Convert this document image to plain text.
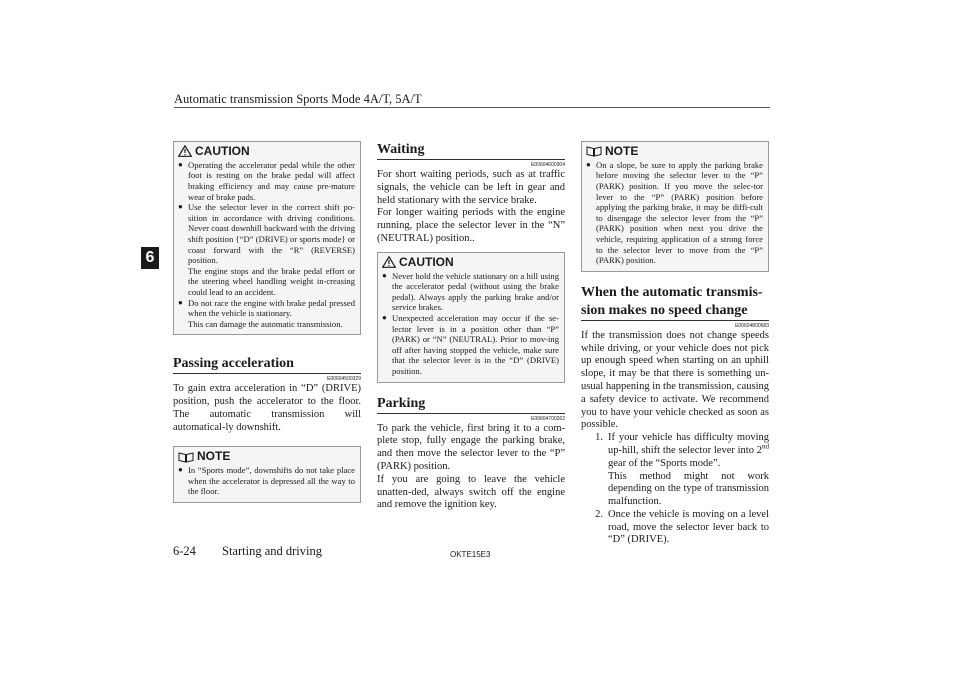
Automatic transmission Sports Mode 4A/T, 5A/T
6
CAUTION
● Operating the accelerator pedal while the other foot is resting on the brake pedal will affect braking efficiency and may cause pre-mature wear of brake pads.
● Use the selector lever in the correct shift po-sition in accordance with driving conditions. Never coast downhill backward with the driving shift position {“D” (DRIVE) or sports mode} or coast forward with the “R” (REVERSE) position.
The engine stops and the brake pedal effort or the steering wheel handling weight in-creasing could lead to an accident.
● Do not race the engine with brake pedal pressed when the vehicle is stationary.
This can damage the automatic transmission.
Passing acceleration
E00604500329

To gain extra acceleration in “D” (DRIVE) position, push the accelerator to the floor. The automatic transmission will automatical-ly downshift.

NOTE
● In “Sports mode”, downshifts do not take place when the accelerator is depressed all the way to the floor.
Waiting
E00604600304

For short waiting periods, such as at traffic signals, the vehicle can be left in gear and held stationary with the service brake.

For longer waiting periods with the engine running, place the selector lever in the “N” (NEUTRAL) position..

CAUTION
● Never hold the vehicle stationary on a hill using the accelerator pedal (without using the brake pedal). Always apply the parking brake and/or service brakes.
● Unexpected acceleration may occur if the se-lector lever is in a position other than “P” (PARK) or “N” (NEUTRAL). Prior to mov-ing off after having stopped the vehicle, make sure that the selector lever is in the “D” (DRIVE) position.
Parking
E00604700262

To park the vehicle, first bring it to a com-plete stop, fully engage the parking brake, and then move the selector lever to the “P” (PARK) position.

If you are going to leave the vehicle unatten-ded, always switch off the engine and remove the ignition key.

NOTE
● On a slope, be sure to apply the parking brake before moving the selector lever to the “P” (PARK) position. If you move the selec-tor lever to the “P” (PARK) position before applying the parking brake, it may be diffi-cult to disengage the selector lever from the “P” (PARK) position when next you drive the vehicle, requiring application of a strong force to the selector lever to move from the “P” (PARK) position.
When the automatic transmis-
sion makes no speed change
E00604800683

If the transmission does not change speeds while driving, or your vehicle does not pick up enough speed when starting on an uphill slope, it may be that there is something un-usual happening in the transmission, causing a safety device to activate. We recommend you to have your vehicle checked as soon as possible.

1. If your vehicle has difficulty moving up-hill, shift the selector lever into 2nd gear of the “Sports mode”.
This method might not work depending on the type of transmission malfunction.
2. Once the vehicle is moving on a level road, move the selector lever back to “D” (DRIVE).
6-24 Starting and driving	OKTE15E3
